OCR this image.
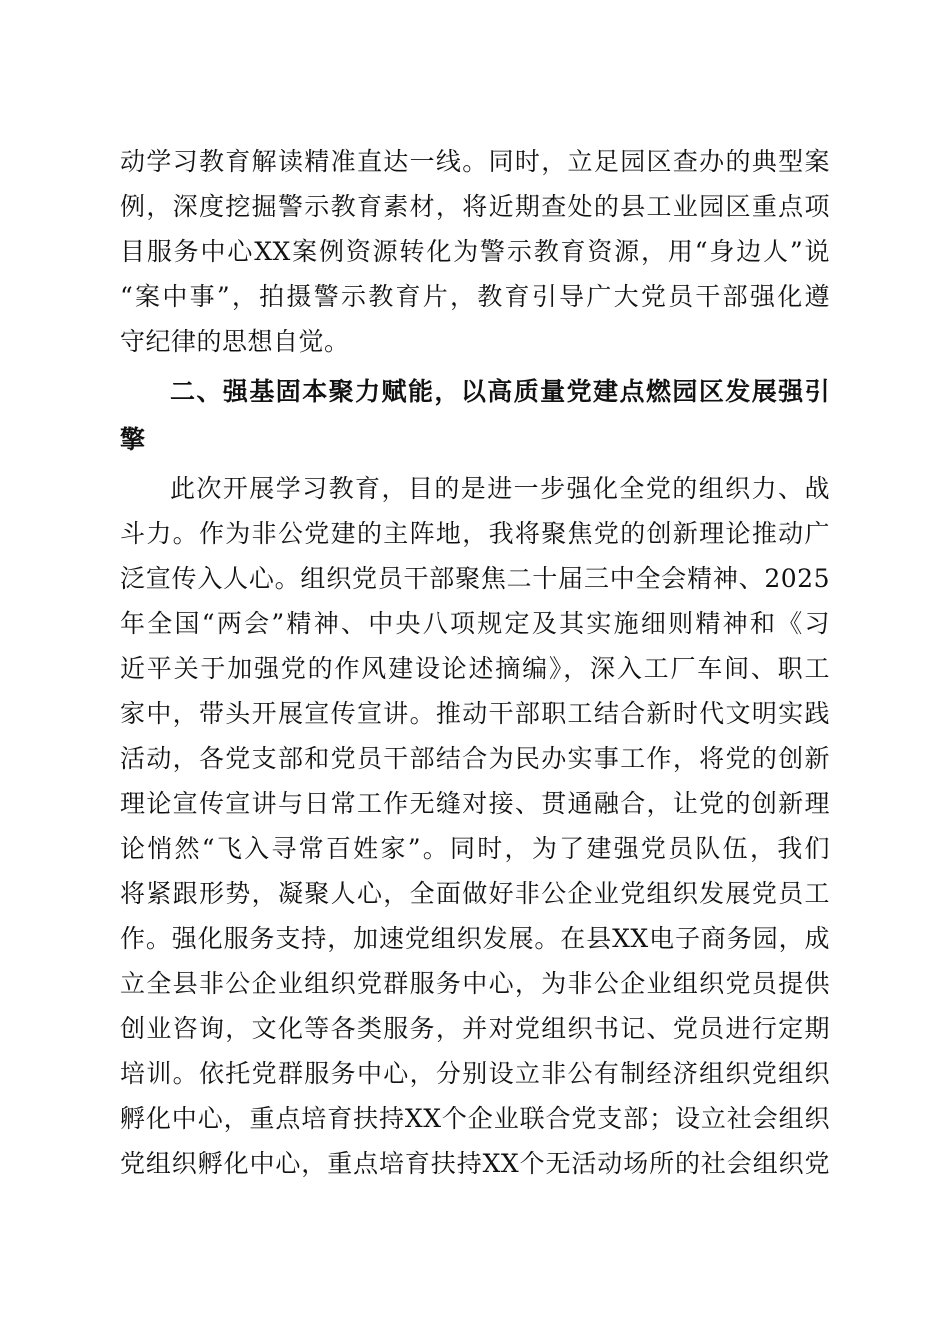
动学习教育解读精准直达一线。同时，立足园区查办的典型案
例，深度挖掘警示教育素材，将近期查处的县工业园区重点项
目服务中心XX案例资源转化为警示教育资源，用“身边人”说
“案中事”，拍摄警示教育片，教育引导广大党员干部强化遵
守纪律的思想自觉。
二、强基固本聚力赋能，以高质量党建点燃园区发展强引
擎
此次开展学习教育，目的是进一步强化全党的组织力、战
斗力。作为非公党建的主阵地，我将聚焦党的创新理论推动广
泛宣传入人心。组织党员干部聚焦二十届三中全会精神、2025
年全国“两会”精神、中央八项规定及其实施细则精神和《习
近平关于加强党的作风建设论述摘编》，深入工厂车间、职工
家中，带头开展宣传宣讲。推动干部职工结合新时代文明实践
活动，各党支部和党员干部结合为民办实事工作，将党的创新
理论宣传宣讲与日常工作无缝对接、贯通融合，让党的创新理
论悄然“飞入寻常百姓家”。同时，为了建强党员队伍，我们
将紧跟形势，凝聚人心，全面做好非公企业党组织发展党员工
作。强化服务支持，加速党组织发展。在县XX电子商务园，成
立全县非公企业组织党群服务中心，为非公企业组织党员提供
创业咨询，文化等各类服务，并对党组织书记、党员进行定期
培训。依托党群服务中心，分别设立非公有制经济组织党组织
孵化中心，重点培育扶持XX个企业联合党支部；设立社会组织
党组织孵化中心，重点培育扶持XX个无活动场所的社会组织党
